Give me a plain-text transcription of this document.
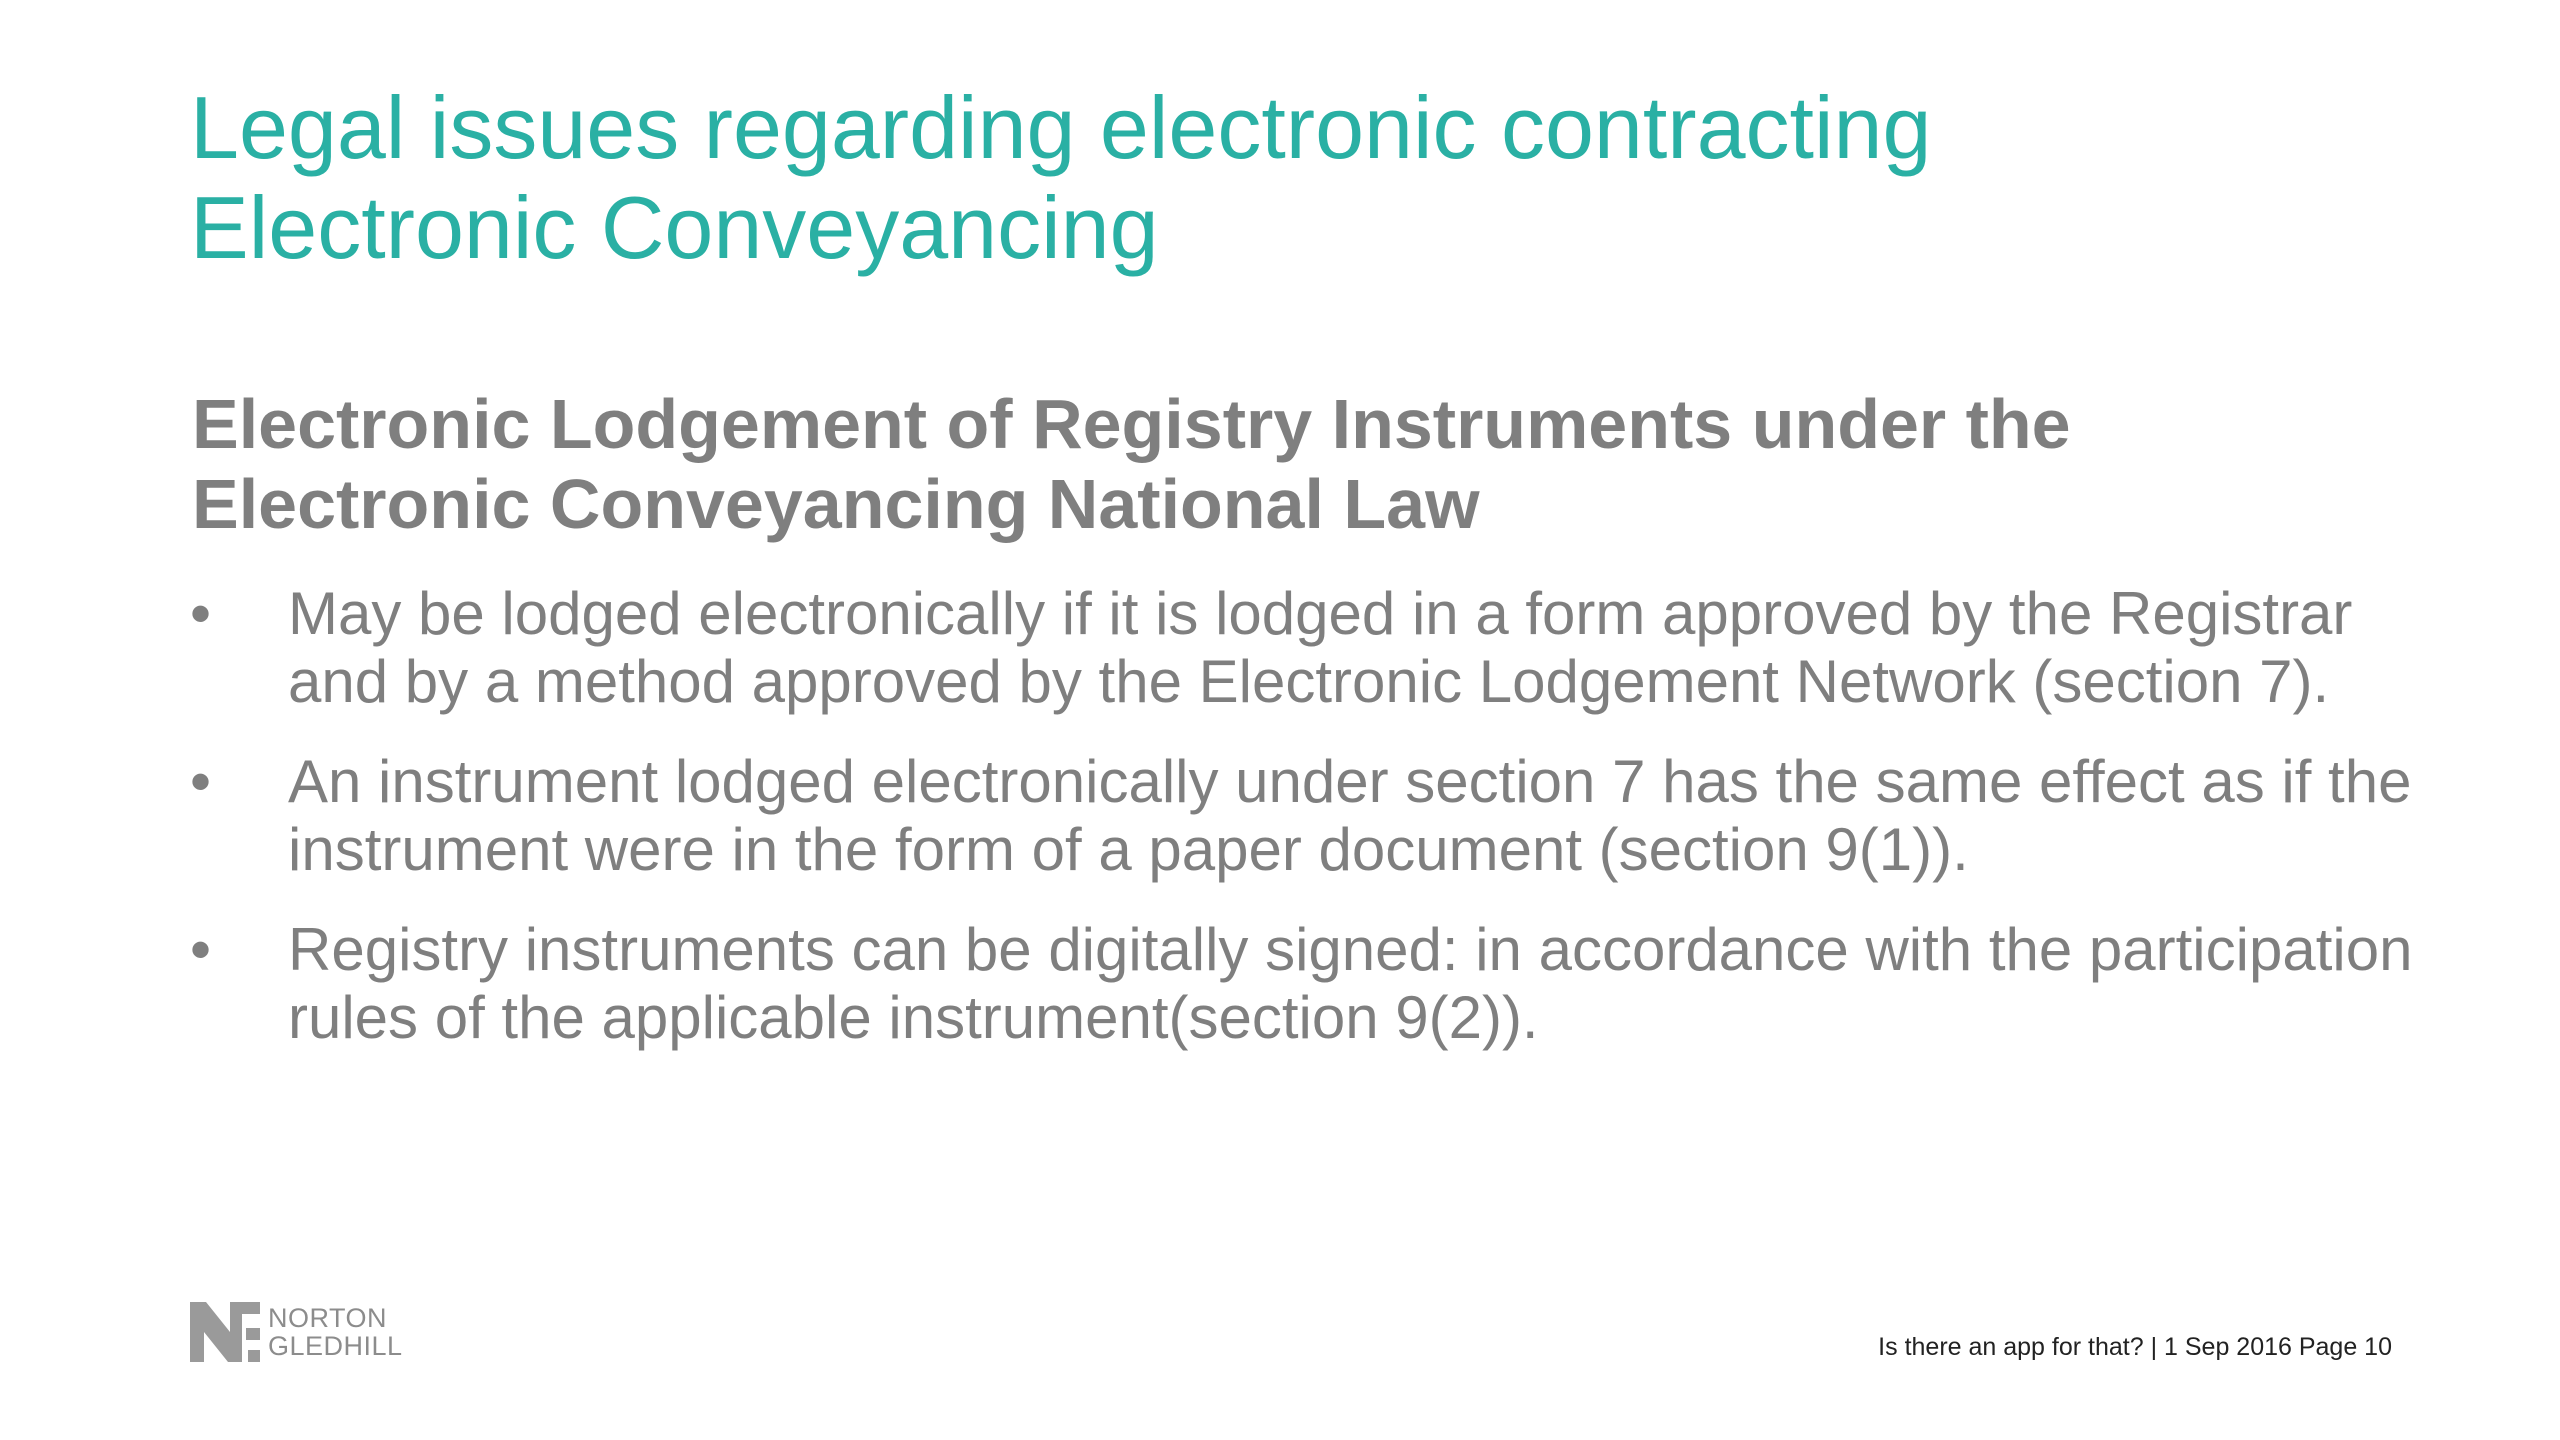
Legal issues regarding electronic contracting
Electronic Conveyancing
Electronic Lodgement of Registry Instruments under the
Electronic Conveyancing National Law
•	May be lodged electronically if it is lodged in a form approved by the Registrar and by a method approved by the Electronic Lodgement Network (section 7).
•	An instrument lodged electronically under section 7 has the same effect as if the instrument were in the form of a paper document (section 9(1)).
•	Registry instruments can be digitally signed: in accordance with the participation rules of the applicable instrument(section 9(2)).
NORTON
GLEDHILL	Is there an app for that? | 1 Sep 2016 Page 10
